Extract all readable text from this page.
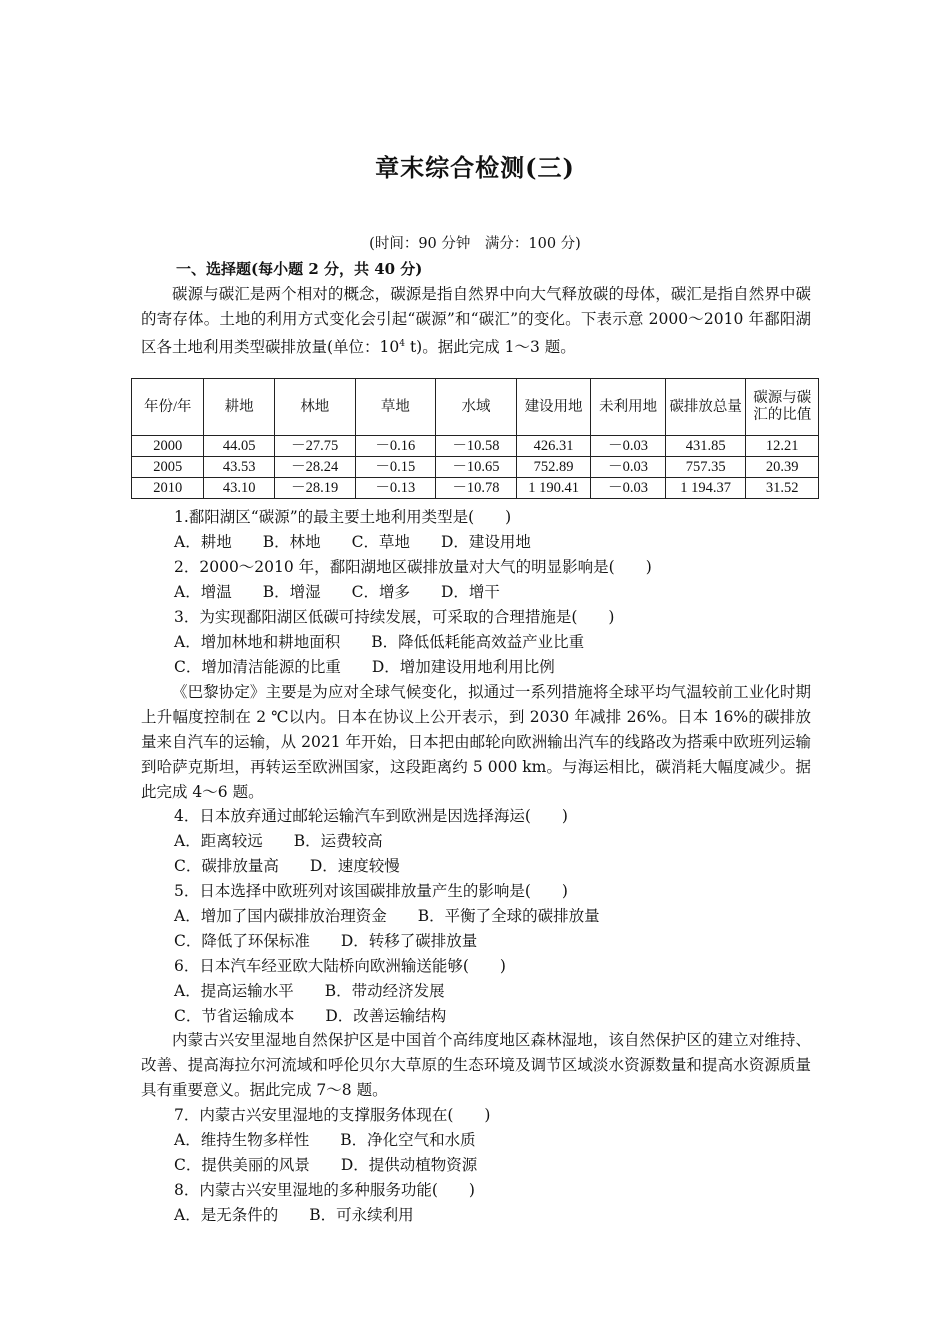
章末综合检测(三)
(时间：90 分钟　满分：100 分)
一、选择题(每小题 2 分，共 40 分)

碳源与碳汇是两个相对的概念，碳源是指自然界中向大气释放碳的母体，碳汇是指自然界中碳的寄存体。土地的利用方式变化会引起“碳源”和“碳汇”的变化。下表示意 2000～2010 年鄱阳湖区各土地利用类型碳排放量(单位：$10^4$ t)。据此完成 1～3 题。

年份/年	耕地	林地	草地	水域	建设用地	未利用地	碳排放总量	碳源与碳汇的比值
2000	44.05	－27.75	－0.16	－10.58	426.31	－0.03	431.85	12.21
2005	43.53	－28.24	－0.15	－10.65	752.89	－0.03	757.35	20.39
2010	43.10	－28.19	－0.13	－10.78	1 190.41	－0.03	1 194.37	31.52
1.鄱阳湖区“碳源”的最主要土地利用类型是(　　)
A．耕地　　B．林地　　C．草地　　D．建设用地
2．2000～2010 年，鄱阳湖地区碳排放量对大气的明显影响是(　　)
A．增温　　B．增湿　　C．增多　　D．增干
3．为实现鄱阳湖区低碳可持续发展，可采取的合理措施是(　　)
A．增加林地和耕地面积　　B．降低低耗能高效益产业比重
C．增加清洁能源的比重　　D．增加建设用地利用比例

《巴黎协定》主要是为应对全球气候变化，拟通过一系列措施将全球平均气温较前工业化时期上升幅度控制在 2 ℃以内。日本在协议上公开表示，到 2030 年减排 26%。日本 16%的碳排放量来自汽车的运输，从 2021 年开始，日本把由邮轮向欧洲输出汽车的线路改为搭乘中欧班列运输到哈萨克斯坦，再转运至欧洲国家，这段距离约 5 000 km。与海运相比，碳消耗大幅度减少。据此完成 4～6 题。

4．日本放弃通过邮轮运输汽车到欧洲是因选择海运(　　)
A．距离较远　　B．运费较高
C．碳排放量高　　D．速度较慢
5．日本选择中欧班列对该国碳排放量产生的影响是(　　)
A．增加了国内碳排放治理资金　　B．平衡了全球的碳排放量
C．降低了环保标准　　D．转移了碳排放量
6．日本汽车经亚欧大陆桥向欧洲输送能够(　　)
A．提高运输水平　　B．带动经济发展
C．节省运输成本　　D．改善运输结构

内蒙古兴安里湿地自然保护区是中国首个高纬度地区森林湿地，该自然保护区的建立对维持、改善、提高海拉尔河流域和呼伦贝尔大草原的生态环境及调节区域淡水资源数量和提高水资源质量具有重要意义。据此完成 7～8 题。

7．内蒙古兴安里湿地的支撑服务体现在(　　)
A．维持生物多样性　　B．净化空气和水质
C．提供美丽的风景　　D．提供动植物资源
8．内蒙古兴安里湿地的多种服务功能(　　)
A．是无条件的　　B．可永续利用
